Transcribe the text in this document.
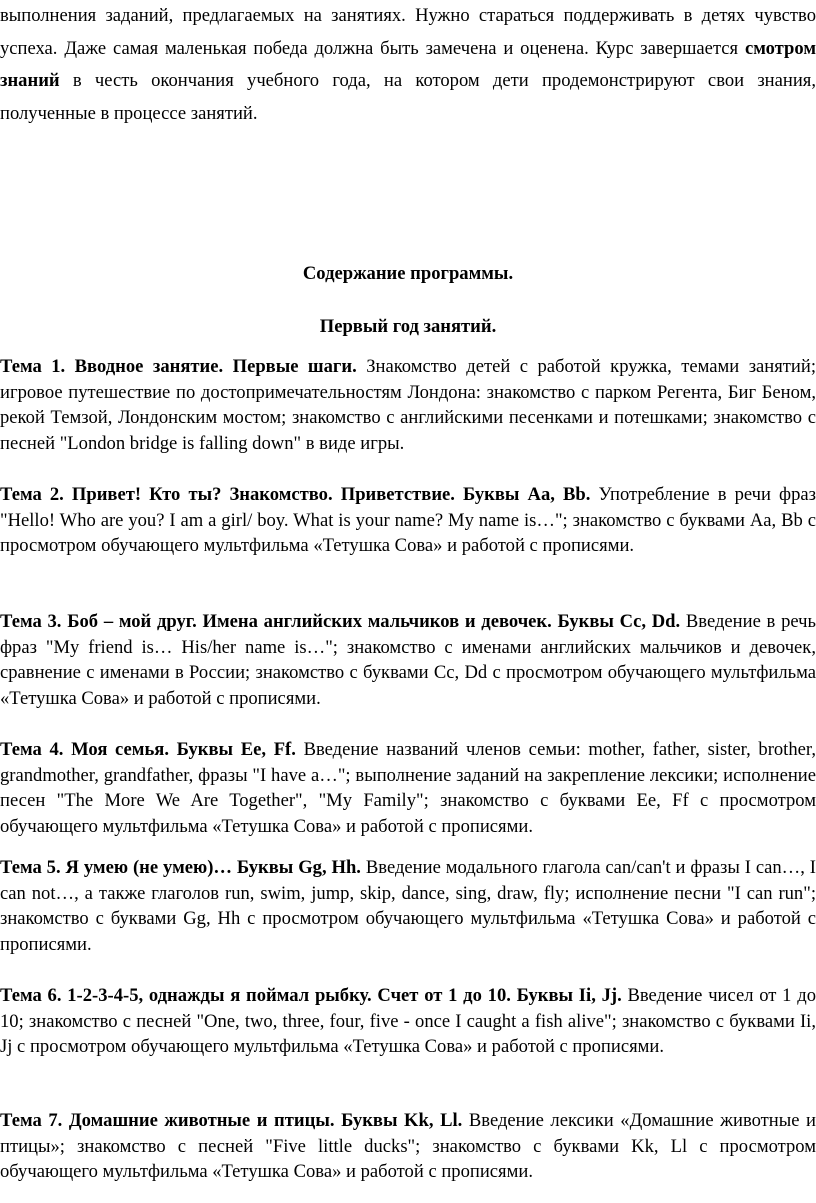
выполнения заданий, предлагаемых на занятиях. Нужно стараться поддерживать в детях чувство успеха. Даже самая маленькая победа должна быть замечена и оценена. Курс завершается смотром знаний в честь окончания учебного года, на котором дети продемонстрируют свои знания, полученные в процессе занятий.

Содержание программы.
Первый год занятий.

Тема 1. Вводное занятие. Первые шаги. Знакомство детей с работой кружка, темами занятий; игровое путешествие по достопримечательностям Лондона: знакомство с парком Регента, Биг Беном, рекой Темзой, Лондонским мостом; знакомство с английскими песенками и потешками; знакомство с песней "London bridge is falling down" в виде игры.

Тема 2. Привет! Кто ты? Знакомство. Приветствие. Буквы Aa, Bb. Употребление в речи фраз "Hello! Who are you? I am a girl/ boy. What is your name? My name is…"; знакомство с буквами Aa, Bb с просмотром обучающего мультфильма «Тетушка Сова» и работой с прописями.

Тема 3. Боб – мой друг. Имена английских мальчиков и девочек. Буквы Cc, Dd. Введение в речь фраз "My friend is… His/her name is…"; знакомство с именами английских мальчиков и девочек, сравнение с именами в России; знакомство с буквами Cc, Dd с просмотром обучающего мультфильма «Тетушка Сова» и работой с прописями.

Тема 4. Моя семья. Буквы Ee, Ff. Введение названий членов семьи: mother, father, sister, brother, grandmother, grandfather, фразы "I have a…"; выполнение заданий на закрепление лексики; исполнение песен "The More We Are Together", "My Family"; знакомство с буквами Ee, Ff с просмотром обучающего мультфильма «Тетушка Сова» и работой с прописями.

Тема 5. Я умею (не умею)… Буквы Gg, Hh. Введение модального глагола can/can't и фразы I can…, I can not…, а также глаголов run, swim, jump, skip, dance, sing, draw, fly; исполнение песни "I can run"; знакомство с буквами Gg, Hh с просмотром обучающего мультфильма «Тетушка Сова» и работой с прописями.

Тема 6. 1-2-3-4-5, однажды я поймал рыбку. Счет от 1 до 10. Буквы Ii, Jj. Введение чисел от 1 до 10; знакомство с песней "One, two, three, four, five - once I caught a fish alive"; знакомство с буквами Ii, Jj с просмотром обучающего мультфильма «Тетушка Сова» и работой с прописями.

Тема 7. Домашние животные и птицы. Буквы Kk, Ll. Введение лексики «Домашние животные и птицы»; знакомство с песней "Five little ducks"; знакомство с буквами Kk, Ll с просмотром обучающего мультфильма «Тетушка Сова» и работой с прописями.
